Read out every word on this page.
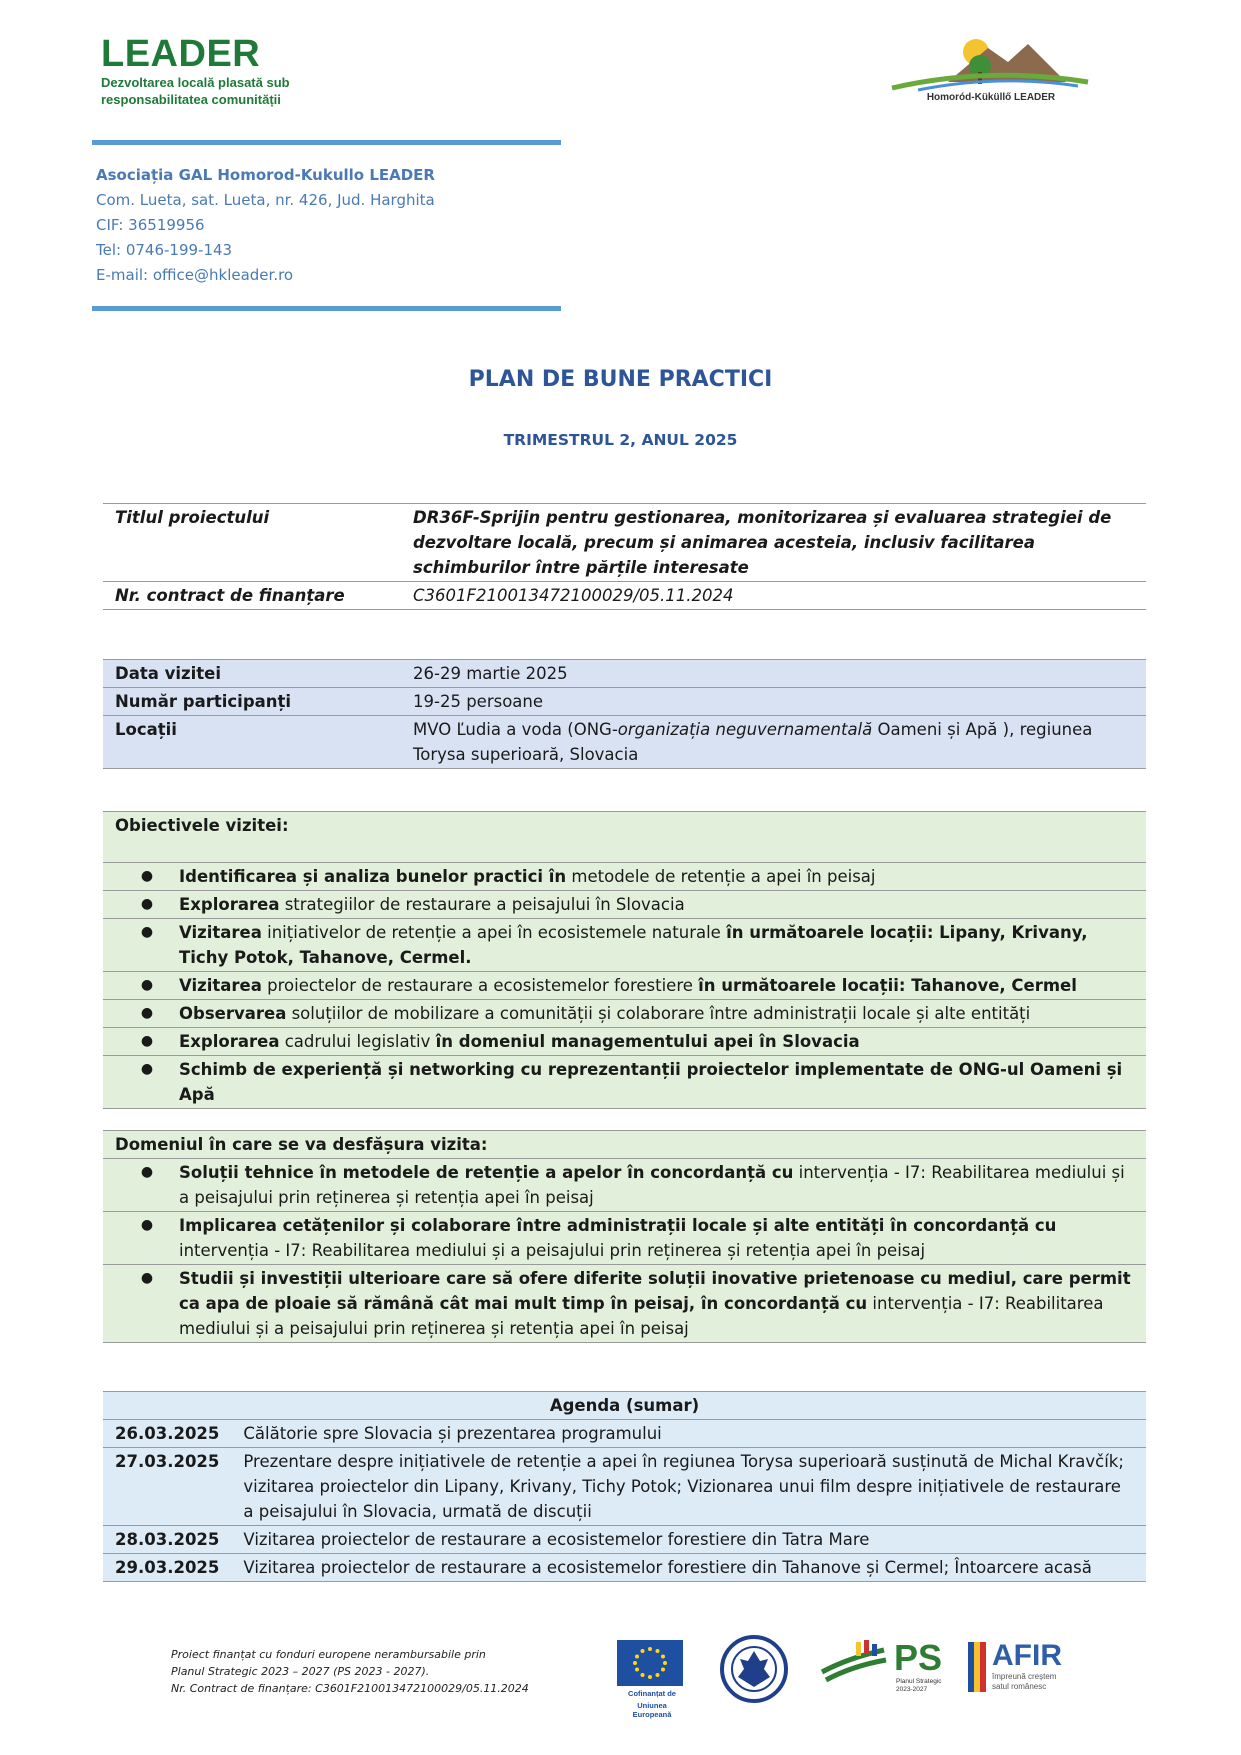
LEADER
Dezvoltarea locală plasată sub
responsabilitatea comunității	Homoród-Küküllő LEADER
Asociația GAL Homorod-Kukullo LEADER
Com. Lueta, sat. Lueta, nr. 426, Jud. Harghita
CIF: 36519956
Tel: 0746-199-143
E-mail: office@hkleader.ro
PLAN DE BUNE PRACTICI
TRIMESTRUL 2, ANUL 2025
Titlul proiectului	DR36F-Sprijin pentru gestionarea, monitorizarea și evaluarea strategiei de dezvoltare locală, precum și animarea acesteia, inclusiv facilitarea schimburilor între părțile interesate
Nr. contract de finanțare	C3601F210013472100029/05.11.2024
Data vizitei	26-29 martie 2025
Număr participanți	19-25 persoane
Locații	MVO Ľudia a voda (ONG-organizația neguvernamentală Oameni și Apă ), regiunea Torysa superioară, Slovacia
Obiectivele vizitei:

●	Identificarea și analiza bunelor practici în metodele de retenție a apei în peisaj

●	Explorarea strategiilor de restaurare a peisajului în Slovacia

●	Vizitarea inițiativelor de retenție a apei în ecosistemele naturale în următoarele locații: Lipany, Krivany, Tichy Potok, Tahanove, Cermel.

●	Vizitarea proiectelor de restaurare a ecosistemelor forestiere în următoarele locații: Tahanove, Cermel

●	Observarea soluțiilor de mobilizare a comunității și colaborare între administrații locale și alte entități

●	Explorarea cadrului legislativ în domeniul managementului apei în Slovacia

●	Schimb de experiență și networking cu reprezentanții proiectelor implementate de ONG-ul Oameni și Apă
Domeniul în care se va desfășura vizita:

●	Soluții tehnice în metodele de retenție a apelor în concordanță cu intervenția - I7: Reabilitarea mediului și a peisajului prin reținerea și retenția apei în peisaj

●	Implicarea cetățenilor și colaborare între administrații locale și alte entități în concordanță cu intervenția - I7: Reabilitarea mediului și a peisajului prin reținerea și retenția apei în peisaj

●	Studii și investiții ulterioare care să ofere diferite soluții inovative prietenoase cu mediul, care permit ca apa de ploaie să rămână cât mai mult timp în peisaj, în concordanță cu intervenția - I7: Reabilitarea mediului și a peisajului prin reținerea și retenția apei în peisaj
Agenda (sumar)	
26.03.2025	Călătorie spre Slovacia și prezentarea programului
27.03.2025	Prezentare despre inițiativele de retenție a apei în regiunea Torysa superioară susținută de Michal Kravčík; vizitarea proiectelor din Lipany, Krivany, Tichy Potok; Vizionarea unui film despre inițiativele de restaurare a peisajului în Slovacia, urmată de discuții
28.03.2025	Vizitarea proiectelor de restaurare a ecosistemelor forestiere din Tatra Mare
29.03.2025	Vizitarea proiectelor de restaurare a ecosistemelor forestiere din Tahanove și Cermel; Întoarcere acasă
Proiect finanțat cu fonduri europene nerambursabile prin
Planul Strategic 2023 – 2027 (PS 2023 - 2027).
Nr. Contract de finanțare: C3601F210013472100029/05.11.2024	Cofinanțat de
Uniunea Europeană
PS
Planul Strategic
2023-2027
AFIR
împreună creștem
satul românesc
